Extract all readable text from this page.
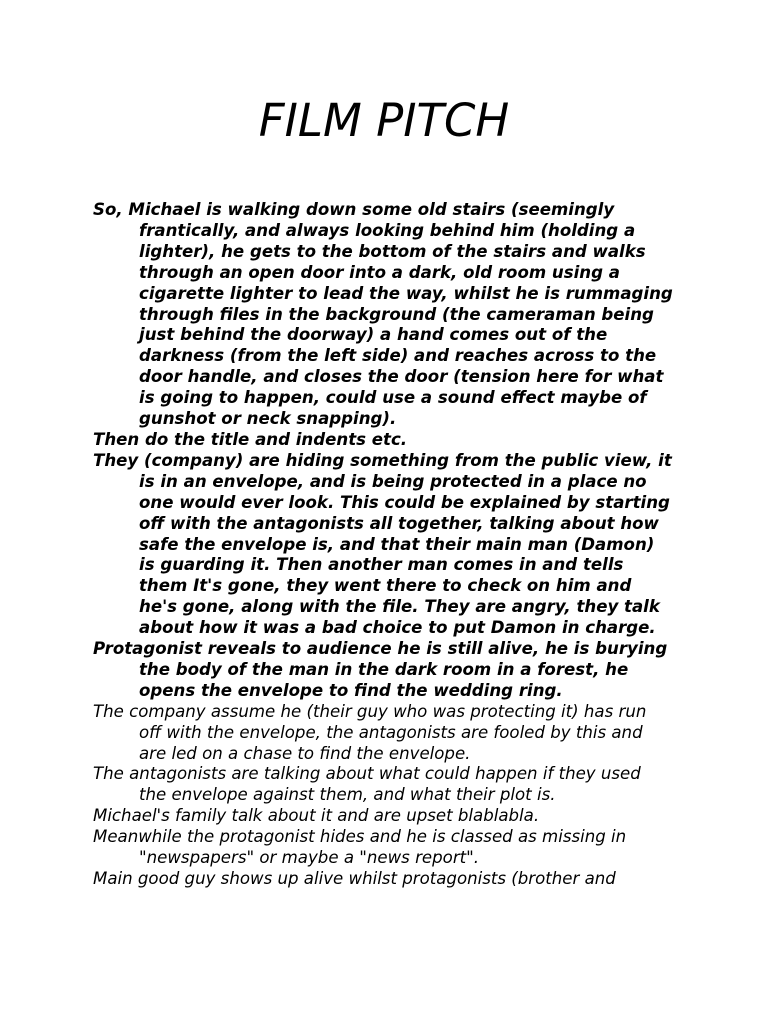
FILM PITCH

So, Michael is walking down some old stairs (seemingly frantically, and always looking behind him (holding a lighter), he gets to the bottom of the stairs and walks through an open door into a dark, old room using a cigarette lighter to lead the way, whilst he is rummaging through files in the background (the cameraman being just behind the doorway) a hand comes out of the darkness (from the left side) and reaches across to the door handle, and closes the door (tension here for what is going to happen, could use a sound effect maybe of gunshot or neck snapping).

Then do the title and indents etc.

They (company) are hiding something from the public view, it is in an envelope, and is being protected in a place no one would ever look. This could be explained by starting off with the antagonists all together, talking about how safe the envelope is, and that their main man (Damon) is guarding it. Then another man comes in and tells them It's gone, they went there to check on him and he's gone, along with the file. They are angry, they talk about how it was a bad choice to put Damon in charge.

Protagonist reveals to audience he is still alive, he is burying the body of the man in the dark room in a forest, he opens the envelope to find the wedding ring.

The company assume he (their guy who was protecting it) has run off with the envelope, the antagonists are fooled by this and are led on a chase to find the envelope.

The antagonists are talking about what could happen if they used the envelope against them, and what their plot is.

Michael's family talk about it and are upset blablabla.

Meanwhile the protagonist hides and he is classed as missing in "newspapers" or maybe a "news report".

Main good guy shows up alive whilst protagonists (brother and
